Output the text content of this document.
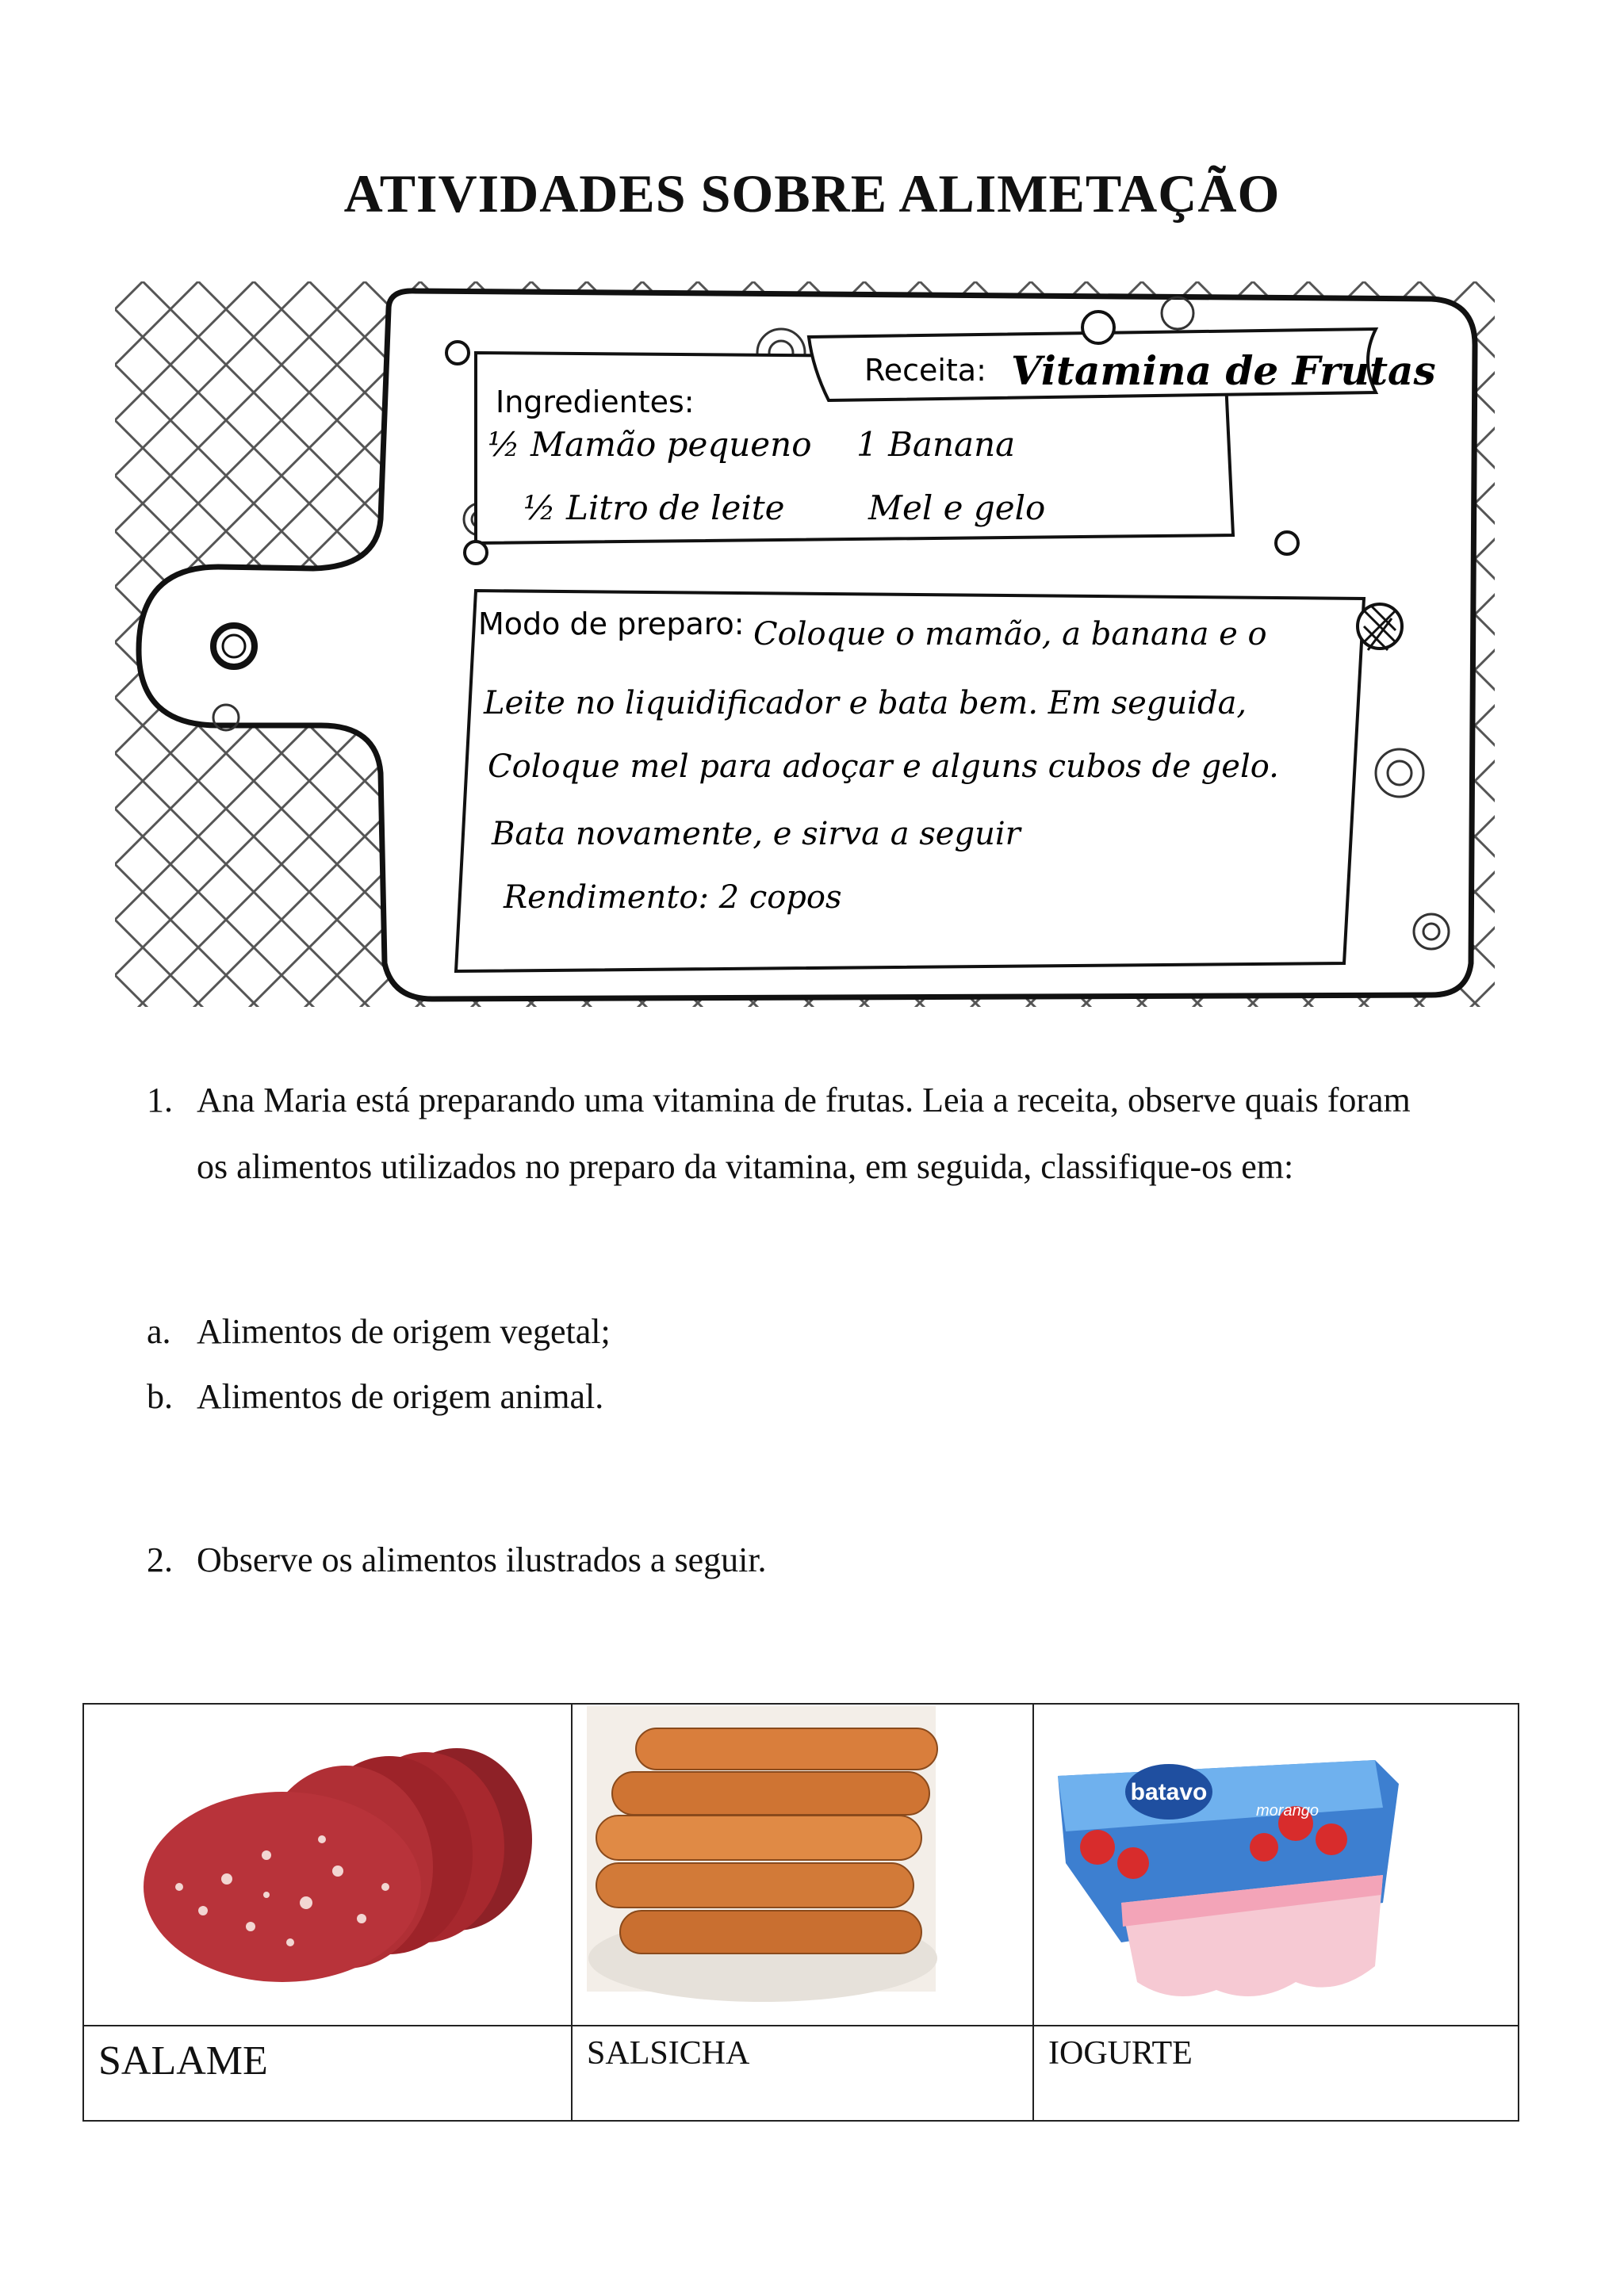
ATIVIDADES SOBRE ALIMETAÇÃO
Receita: Vitamina de Frutas
Ingredientes:
½ Mamão pequeno 1 Banana
½ Litro de leite	Mel e gelo
Modo de preparo: Coloque o mamão, a banana e o
Leite no liquidificador e bata bem. Em seguida,
Coloque mel para adoçar e alguns cubos de gelo.
Bata novamente, e sirva a seguir
Rendimento: 2 copos
1. Ana Maria está preparando uma vitamina de frutas. Leia a receita, observe quais foram
os alimentos utilizados no preparo da vitamina, em seguida, classifique-os em:
a. Alimentos de origem vegetal;
b. Alimentos de origem animal.
2. Observe os alimentos ilustrados a seguir.

batavo
morango

SALAME	SALSICHA	IOGURTE
